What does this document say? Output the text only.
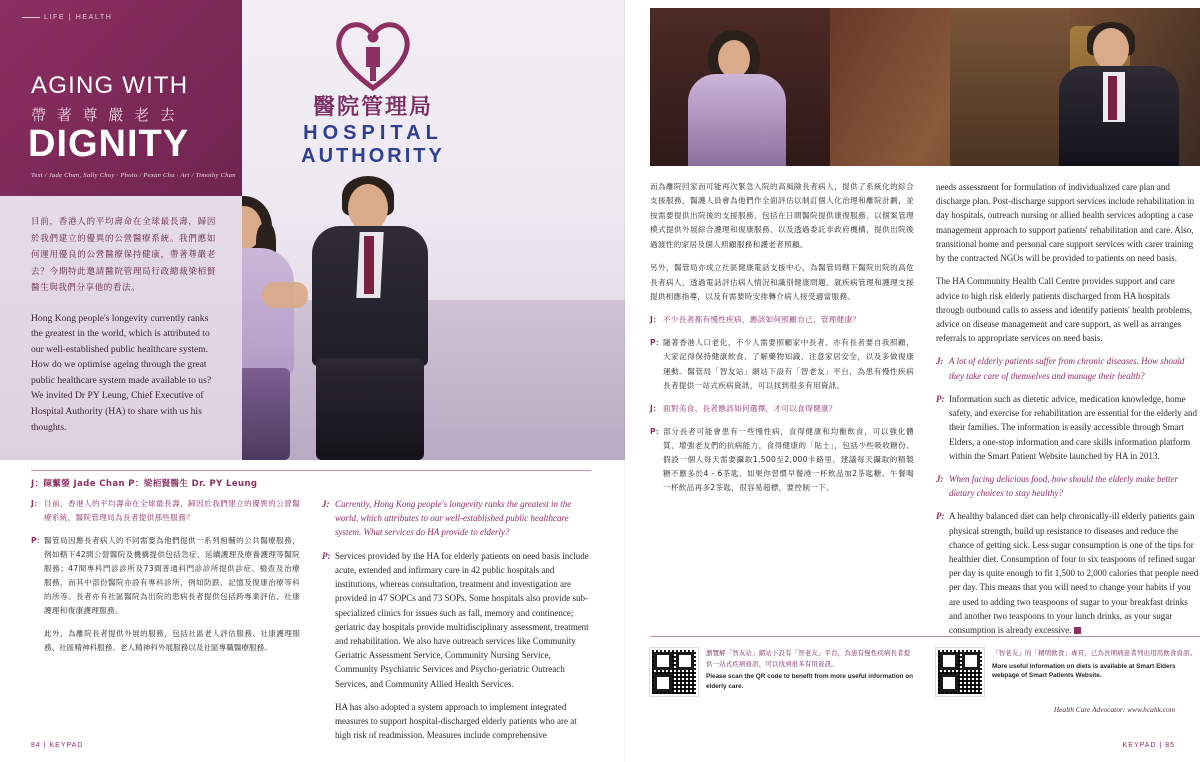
醫院管理局
HOSPITAL
AUTHORITY
LIFE | HEALTH
AGING WITH
帶 著 尊 嚴 老 去
DIGNITY
Text / Jade Chan, Sally Choy · Photo / Pexan Cha · Art / Timothy Chan
目前，香港人的平均壽命在全球最長壽，歸因於我們建立的優異的公營醫療系統。我們應如何運用優良的公營醫療保持健康，帶著尊嚴老去？今期特此邀請醫院管理局行政總裁梁栢賢醫生與我們分享他的看法。
Hong Kong people's longevity currently ranks the greatest in the world, which is attributed to our well-established public healthcare system. How do we optimise ageing through the great public healthcare system made available to us? We invited Dr PY Leung, Chief Executive of Hospital Authority (HA) to share with us his thoughts.
J：陳蘩鎣 Jade Chan P：梁栢賢醫生 Dr. PY Leung
J： 目前，香港人的平均壽命在全球最長壽，歸因於我們建立的優異的公營醫療系統，醫院管理局為長者提供那些服務？
P： 醫管局因應長者病人的不同需要為他們提供一系列相輔的公共醫療服務，例如轄下42間公營醫院及機構提供包括急症、延續護理及療養護理等醫院服務；47間專科門診診所及73間普通科門診診所提供診症、檢查及治療服務，而其中部份醫院亦設有專科診所，例如防跌、記憶及復康治療等科的所等。長者亦有社區醫院為出院的患病長者提供包括跨專業評估、社康護理和復康護理服務。
此外，為離院長者提供外展的服務，包括社區老人評估服務、社康護理服務、社區精神科服務、老人精神科外展服務以及社區專職醫療服務。
J: Currently, Hong Kong people's longevity ranks the greatest in the world, which attributes to our well-established public healthcare system. What services do HA provide to elderly?
P: Services provided by the HA for elderly patients on need basis include acute, extended and infirmary care in 42 public hospitals and institutions, whereas consultation, treatment and investigation are provided in 47 SOPCs and 73 SOPs. Some hospitals also provide sub-specialized clinics for issues such as fall, memory and continence; geriatric day hospitals provide multidisciplinary assessment, treatment and rehabilitation. We also have outreach services like Community Geriatric Assessment Service, Community Nursing Service, Community Psychiatric Services and Psycho-geriatric Outreach Services, and Community Allied Health Services.
HA has also adopted a system approach to implement integrated measures to support hospital-discharged elderly patients who are at high risk of readmission. Measures include comprehensive
84 | KEYPAD
而為離院回家而可能再次緊急入院的高風險長者病人，提供了系統化的綜合支援服務，醫護人員會為他們作全面評估以制訂個人化治理和離院計劃，並按需要提供出院後的支援服務，包括在日間醫院提供康復服務、以個案管理模式提供外展綜合護理和復康服務、以及透過委託非政府機構，提供出院後過渡性的家居及個人照顧服務和護老者照顧。
另外，醫管局亦成立社區健康電話支援中心，為醫管局轄下醫院出院的高危長者病人，透過電話評估病人情況和識別健康問題、就疾病管理和護理支援提供相應指導，以及有需要時安排轉介病人接受適當服務。
J： 不少長者都有慢性疾病，應該如何照顧自己、管理健康？
P： 隨著香港人口老化，不少人需要照顧家中長者、亦有長者要自我照顧，大家記得保持健康飲食、了解藥物知識、注意家居安全，以及多做復康運動。醫管局「智友站」網站下設有「智老友」平台，為患有慢性疾病長者提供一站式疾病資訊，可以找到很多有用資訊。
J： 面對美食、長者應該如何選擇，才可以食得健康？
P： 部分長者可能會患有一些慢性病，食得健康和均衡飲食，可以強化體質、增強老友們的抗病能力，食得健康的「貼士」，包括少些吸收糖份。假設一個人每天需要攝取1,500至2,000卡路里，建議每天攝取的精製糖不應多於4 - 6茶匙。如果你習慣早餐澆一杯飲品加2茶匙糖、午餐喝一杯飲品再多2茶匙，很容易超標，要控制一下。
needs assessment for formulation of individualized care plan and discharge plan. Post-discharge support services include rehabilitation in day hospitals, outreach nursing or allied health services adopting a case management approach to support patients' rehabilitation and care. Also, transitional home and personal care support services with carer training by the contracted NGOs will be provided to patients on need basis.
The HA Community Health Call Centre provides support and care advice to high risk elderly patients discharged from HA hospitals through outbound calls to assess and identify patients' health problems, advice on disease management and care support, as well as arranges referrals to appropriate services on need basis.
J: A lot of elderly patients suffer from chronic diseases. How should they take care of themselves and manage their health?
P: Information such as dietetic advice, medication knowledge, home safety, and exercise for rehabilitation are essential for the elderly and their families. The information is easily accessible through Smart Elders, a one-stop information and care skills information platform within the Smart Patient Website launched by HA in 2013.
J: When facing delicious food, how should the elderly make better dietary choices to stay healthy?
P: A healthy balanced diet can help chronically-ill elderly patients gain physical strength, build up resistance to diseases and reduce the chance of getting sick. Less sugar consumption is one of the tips for healthier diet. Consumption of four to six teaspoons of refined sugar per day is quite enough to fit 1,500 to 2,000 calories that people need per day. This means that you will need to change your habits if you are used to adding two teaspoons of sugar to your breakfast drinks and another two teaspoons to your lunch drinks, as your sugar consumption is already excessive.
瀏覽解「智友站」網站下設有「智老友」平台，為患有慢性疾病長者提供一站式疾病資訊，可以找到很多有用資訊。
Please scan the QR code to benefit from more useful information on elderly care.
「智老友」的「精明飲食」專頁，已為長期病患者列出用用飲食資訊。
More useful information on diets is available at Smart Elders webpage of Smart Patients Website.
Health Care Advocator: www.hcahk.com
KEYPAD | 85
